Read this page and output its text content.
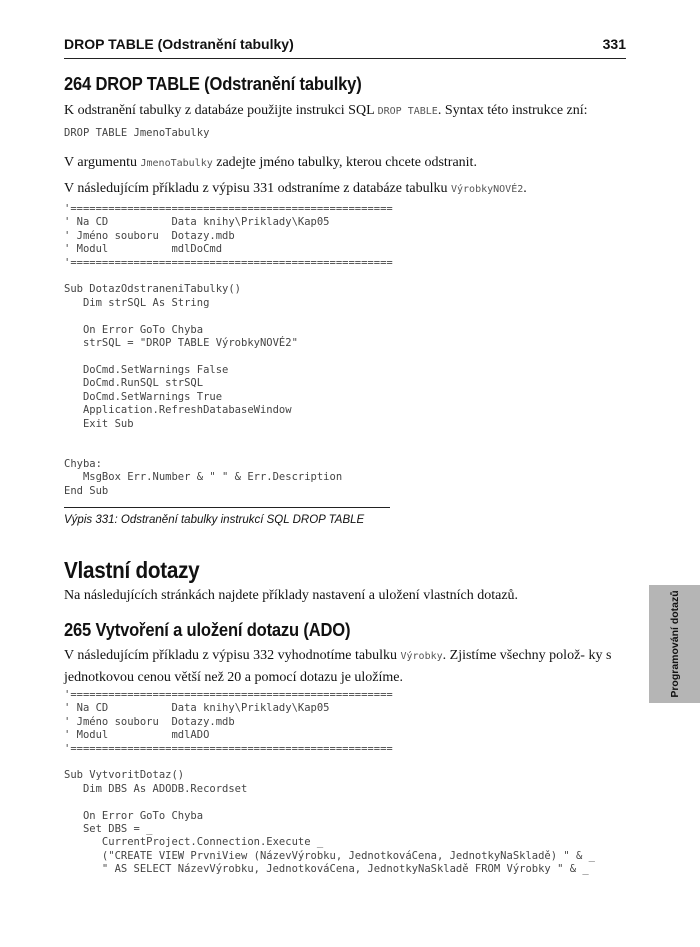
DROP TABLE (Odstranění tabulky)	331
264 DROP TABLE (Odstranění tabulky)

K odstranění tabulky z databáze použijte instrukci SQL DROP TABLE. Syntax této instrukce zní:

DROP TABLE JmenoTabulky

V argumentu JmenoTabulky zadejte jméno tabulky, kterou chcete odstranit.

V následujícím příkladu z výpisu 331 odstraníme z databáze tabulku VýrobkyNOVÉ2.

'===================================================
' Na CD          Data knihy\Priklady\Kap05
' Jméno souboru  Dotazy.mdb
' Modul          mdlDoCmd
'===================================================

Sub DotazOdstraneniTabulky()
Dim strSQL As String

On Error GoTo Chyba
strSQL = "DROP TABLE VýrobkyNOVÉ2"

DoCmd.SetWarnings False
DoCmd.RunSQL strSQL
DoCmd.SetWarnings True
Application.RefreshDatabaseWindow
Exit Sub

Chyba:
MsgBox Err.Number & " " & Err.Description
End Sub

Výpis 331: Odstranění tabulky instrukcí SQL DROP TABLE

Vlastní dotazy

Na následujících stránkách najdete příklady nastavení a uložení vlastních dotazů.

265 Vytvoření a uložení dotazu (ADO)

V následujícím příkladu z výpisu 332 vyhodnotíme tabulku Výrobky. Zjistíme všechny polož- ky s jednotkovou cenou větší než 20 a pomocí dotazu je uložíme.

'===================================================
' Na CD          Data knihy\Priklady\Kap05
' Jméno souboru  Dotazy.mdb
' Modul          mdlADO
'===================================================

Sub VytvoritDotaz()
Dim DBS As ADODB.Recordset

On Error GoTo Chyba
Set DBS = _
CurrentProject.Connection.Execute _
("CREATE VIEW PrvniView (NázevVýrobku, JednotkováCena, JednotkyNaSkladě) " & _
" AS SELECT NázevVýrobku, JednotkováCena, JednotkyNaSkladě FROM Výrobky " & _
Programování dotazů
